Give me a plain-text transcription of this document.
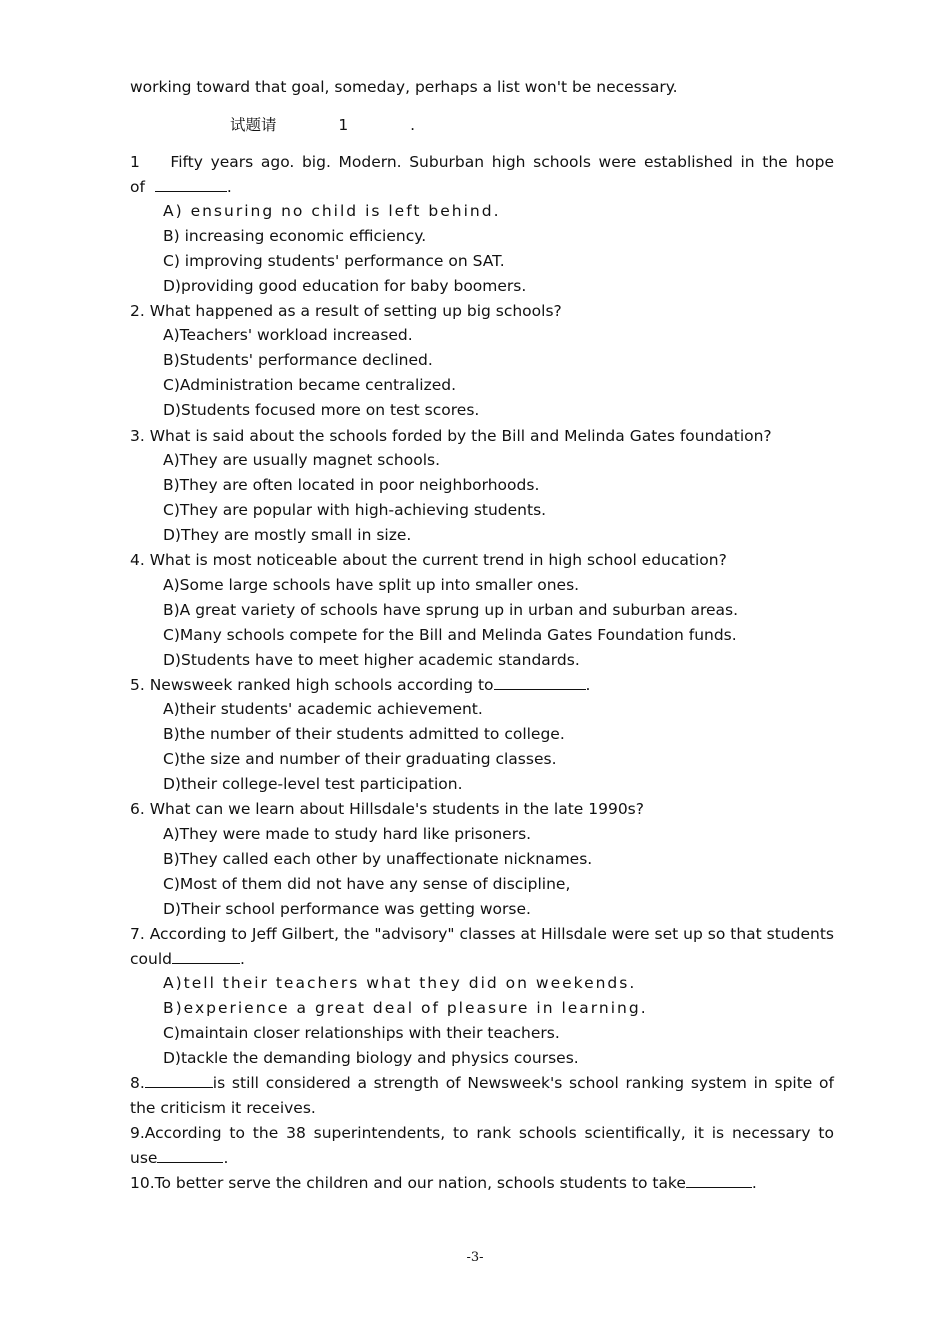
working toward that goal, someday, perhaps a list won't be necessary.
试题请	1	.
1 Fifty years ago. big. Modern. Suburban high schools were established in the hope
of	.
A) ensuring no child is left behind.
B) increasing economic efficiency.
C) improving students' performance on SAT.
D)providing good education for baby boomers.
2. What happened as a result of setting up big schools?
A)Teachers' workload increased.
B)Students' performance declined.
C)Administration became centralized.
D)Students focused more on test scores.
3. What is said about the schools forded by the Bill and Melinda Gates foundation?
A)They are usually magnet schools.
B)They are often located in poor neighborhoods.
C)They are popular with high-achieving students.
D)They are mostly small in size.
4. What is most noticeable about the current trend in high school education?
A)Some large schools have split up into smaller ones.
B)A great variety of schools have sprung up in urban and suburban areas.
C)Many schools compete for the Bill and Melinda Gates Foundation funds.
D)Students have to meet higher academic standards.
5. Newsweek ranked high schools according to	.
A)their students' academic achievement.
B)the number of their students admitted to college.
C)the size and number of their graduating classes.
D)their college-level test participation.
6. What can we learn about Hillsdale's students in the late 1990s?
A)They were made to study hard like prisoners.
B)They called each other by unaffectionate nicknames.
C)Most of them did not have any sense of discipline,
D)Their school performance was getting worse.
7. According to Jeff Gilbert, the "advisory" classes at Hillsdale were set up so that students
could	.
A)tell their teachers what they did on weekends.
B)experience a great deal of pleasure in learning.
C)maintain closer relationships with their teachers.
D)tackle the demanding biology and physics courses.
8.	is still considered a strength of Newsweek's school ranking system in spite of
the criticism it receives.
9.According to the 38 superintendents, to rank schools scientifically, it is necessary to
use	.
10.To better serve the children and our nation, schools students to take	.
-3-
